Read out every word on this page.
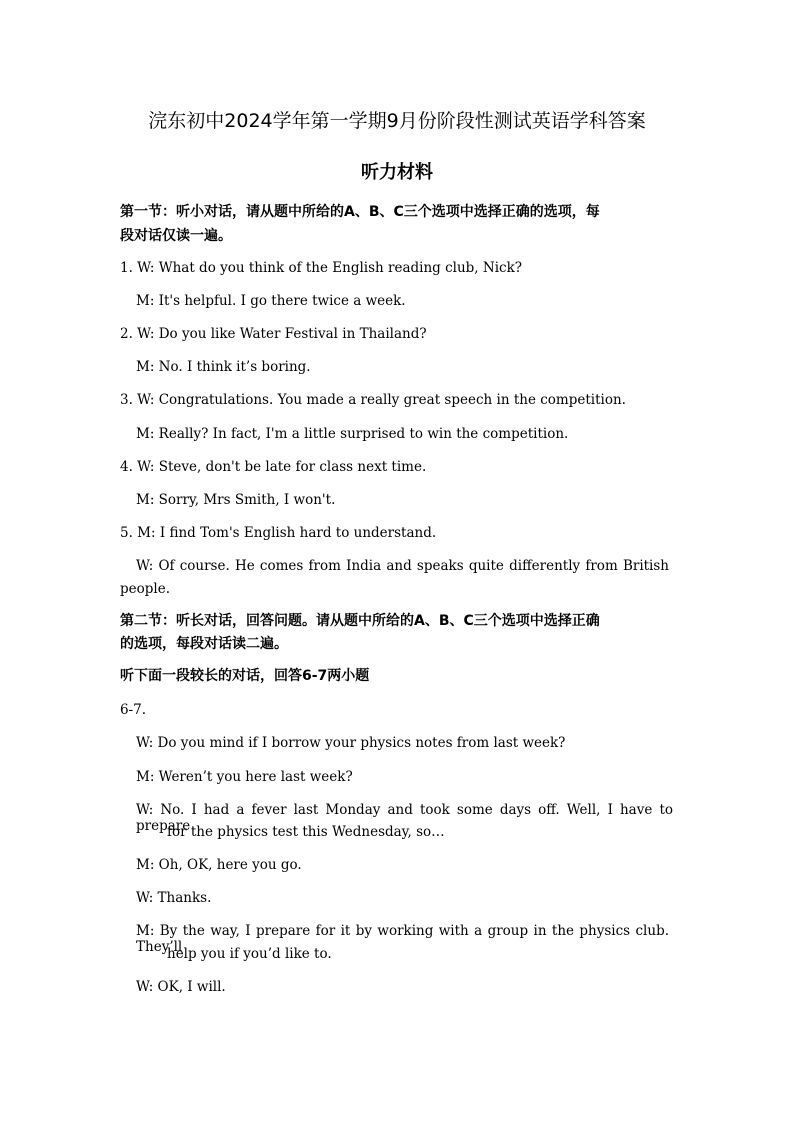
浣东初中2024学年第一学期9月份阶段性测试英语学科答案
听力材料
第一节：听小对话，请从题中所给的A、B、C三个选项中选择正确的选项，每
段对话仅读一遍。
1. W: What do you think of the English reading club, Nick?
M: It's helpful. I go there twice a week.
2. W: Do you like Water Festival in Thailand?
M: No. I think it’s boring.
3. W: Congratulations. You made a really great speech in the competition.
M: Really? In fact, I'm a little surprised to win the competition.
4. W: Steve, don't be late for class next time.
M: Sorry, Mrs Smith, I won't.
5. M: I find Tom's English hard to understand.
W: Of course. He comes from India and speaks quite differently from British
people.
第二节：听长对话，回答问题。请从题中所给的A、B、C三个选项中选择正确
的选项，每段对话读二遍。
听下面一段较长的对话，回答6-7两小题
6-7.
W: Do you mind if I borrow your physics notes from last week?
M: Weren’t you here last week?
W: No. I had a fever last Monday and took some days off. Well, I have to prepare
for the physics test this Wednesday, so…
M: Oh, OK, here you go.
W: Thanks.
M: By the way, I prepare for it by working with a group in the physics club. They’ll
help you if you’d like to.
W: OK, I will.
